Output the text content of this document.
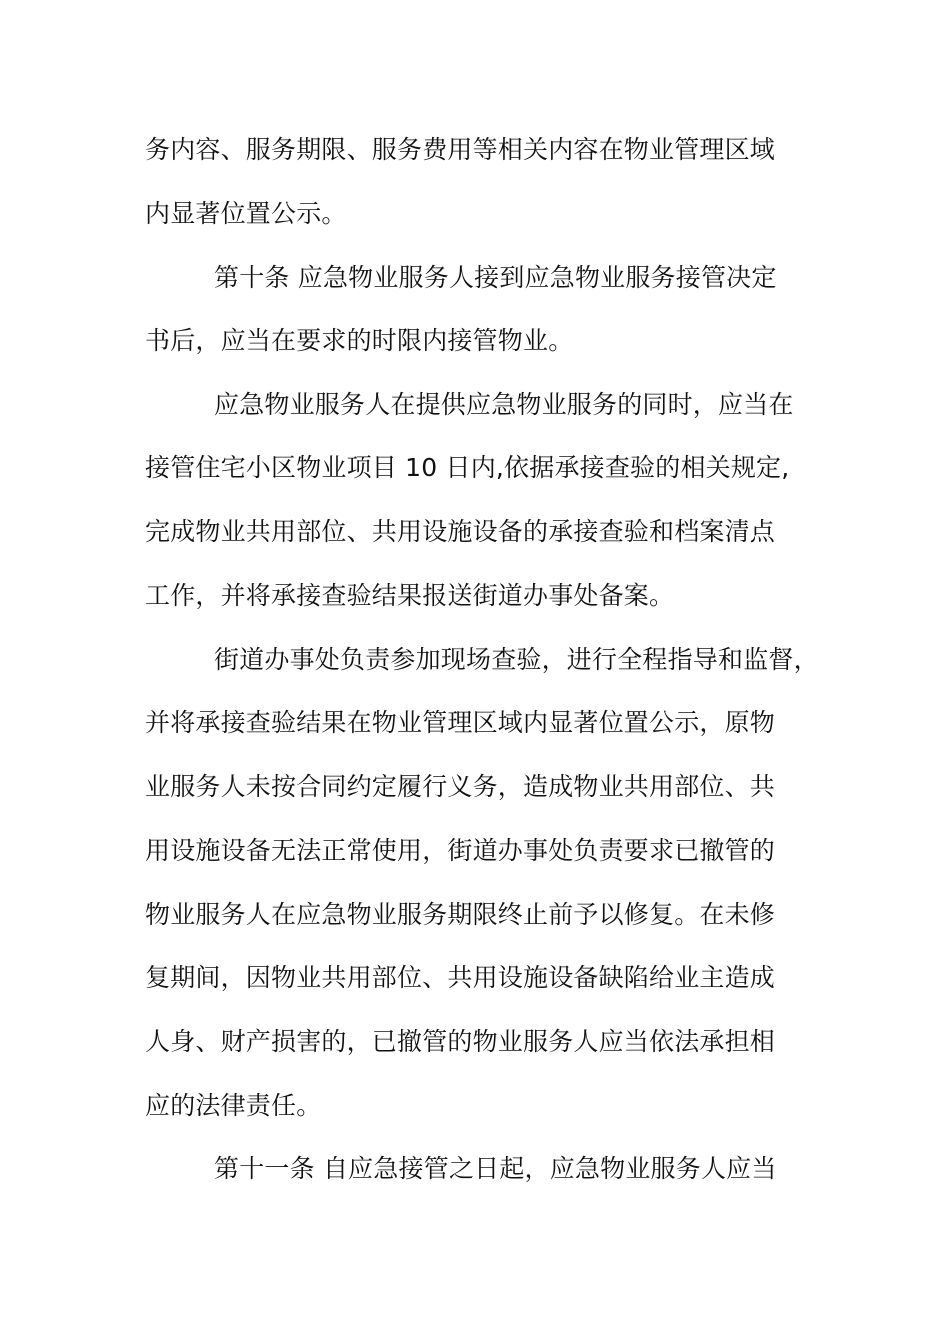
务内容、服务期限、服务费用等相关内容在物业管理区域
内显著位置公示。
第十条 应急物业服务人接到应急物业服务接管决定
书后，应当在要求的时限内接管物业。
应急物业服务人在提供应急物业服务的同时，应当在
接管住宅小区物业项目 10 日内,依据承接查验的相关规定,
完成物业共用部位、共用设施设备的承接查验和档案清点
工作，并将承接查验结果报送街道办事处备案。
街道办事处负责参加现场查验，进行全程指导和监督，
并将承接查验结果在物业管理区域内显著位置公示，原物
业服务人未按合同约定履行义务，造成物业共用部位、共
用设施设备无法正常使用，街道办事处负责要求已撤管的
物业服务人在应急物业服务期限终止前予以修复。在未修
复期间，因物业共用部位、共用设施设备缺陷给业主造成
人身、财产损害的，已撤管的物业服务人应当依法承担相
应的法律责任。
第十一条 自应急接管之日起，应急物业服务人应当
